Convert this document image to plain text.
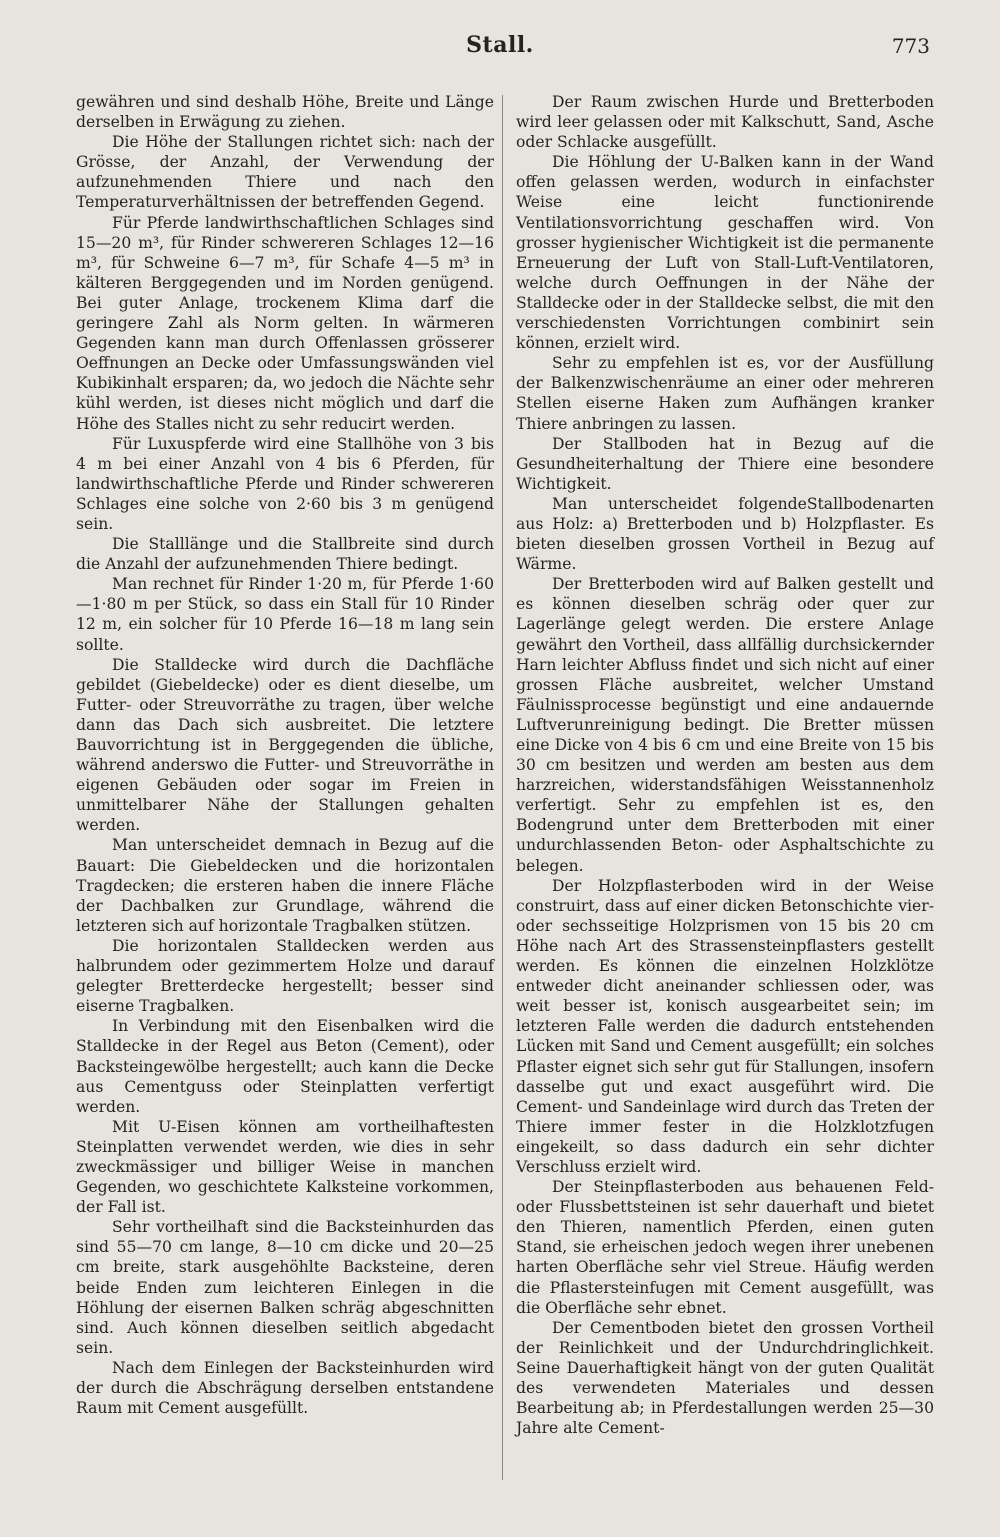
Stall.	773

gewähren und sind deshalb Höhe, Breite und Länge derselben in Erwägung zu ziehen.

Die Höhe der Stallungen richtet sich: nach der Grösse, der Anzahl, der Verwendung der aufzunehmenden Thiere und nach den Temperaturverhältnissen der betreffenden Gegend.

Für Pferde landwirthschaftlichen Schlages sind 15—20 m³, für Rinder schwereren Schlages 12—16 m³, für Schweine 6—7 m³, für Schafe 4—5 m³ in kälteren Berggegenden und im Norden genügend. Bei guter Anlage, trockenem Klima darf die geringere Zahl als Norm gelten. In wärmeren Gegenden kann man durch Offenlassen grösserer Oeffnungen an Decke oder Umfassungswänden viel Kubikinhalt ersparen; da, wo jedoch die Nächte sehr kühl werden, ist dieses nicht möglich und darf die Höhe des Stalles nicht zu sehr reducirt werden.

Für Luxuspferde wird eine Stallhöhe von 3 bis 4 m bei einer Anzahl von 4 bis 6 Pferden, für landwirthschaftliche Pferde und Rinder schwereren Schlages eine solche von 2·60 bis 3 m genügend sein.

Die Stalllänge und die Stallbreite sind durch die Anzahl der aufzunehmenden Thiere bedingt.

Man rechnet für Rinder 1·20 m, für Pferde 1·60—1·80 m per Stück, so dass ein Stall für 10 Rinder 12 m, ein solcher für 10 Pferde 16—18 m lang sein sollte.

Die Stalldecke wird durch die Dachfläche gebildet (Giebeldecke) oder es dient dieselbe, um Futter- oder Streuvorräthe zu tragen, über welche dann das Dach sich ausbreitet. Die letztere Bauvorrichtung ist in Berggegenden die übliche, während anderswo die Futter- und Streuvorräthe in eigenen Gebäuden oder sogar im Freien in unmittelbarer Nähe der Stallungen gehalten werden.

Man unterscheidet demnach in Bezug auf die Bauart: Die Giebeldecken und die horizontalen Tragdecken; die ersteren haben die innere Fläche der Dachbalken zur Grundlage, während die letzteren sich auf horizontale Tragbalken stützen.

Die horizontalen Stalldecken werden aus halbrundem oder gezimmertem Holze und darauf gelegter Bretterdecke hergestellt; besser sind eiserne Tragbalken.

In Verbindung mit den Eisenbalken wird die Stalldecke in der Regel aus Beton (Cement), oder Backsteingewölbe hergestellt; auch kann die Decke aus Cementguss oder Steinplatten verfertigt werden.

Mit U-Eisen können am vortheilhaftesten Steinplatten verwendet werden, wie dies in sehr zweckmässiger und billiger Weise in manchen Gegenden, wo geschichtete Kalksteine vorkommen, der Fall ist.

Sehr vortheilhaft sind die Backsteinhurden das sind 55—70 cm lange, 8—10 cm dicke und 20—25 cm breite, stark ausgehöhlte Backsteine, deren beide Enden zum leichteren Einlegen in die Höhlung der eisernen Balken schräg abgeschnitten sind. Auch können dieselben seitlich abgedacht sein.

Nach dem Einlegen der Backsteinhurden wird der durch die Abschrägung derselben entstandene Raum mit Cement ausgefüllt.

Der Raum zwischen Hurde und Bretterboden wird leer gelassen oder mit Kalkschutt, Sand, Asche oder Schlacke ausgefüllt.

Die Höhlung der U-Balken kann in der Wand offen gelassen werden, wodurch in einfachster Weise eine leicht functionirende Ventilationsvorrichtung geschaffen wird. Von grosser hygienischer Wichtigkeit ist die permanente Erneuerung der Luft von Stall-Luft-Ventilatoren, welche durch Oeffnungen in der Nähe der Stalldecke oder in der Stalldecke selbst, die mit den verschiedensten Vorrichtungen combinirt sein können, erzielt wird.

Sehr zu empfehlen ist es, vor der Ausfüllung der Balkenzwischenräume an einer oder mehreren Stellen eiserne Haken zum Aufhängen kranker Thiere anbringen zu lassen.

Der Stallboden hat in Bezug auf die Gesundheiterhaltung der Thiere eine besondere Wichtigkeit.

Man unterscheidet folgendeStallbodenarten aus Holz: a) Bretterboden und b) Holzpflaster. Es bieten dieselben grossen Vortheil in Bezug auf Wärme.

Der Bretterboden wird auf Balken gestellt und es können dieselben schräg oder quer zur Lagerlänge gelegt werden. Die erstere Anlage gewährt den Vortheil, dass allfällig durchsickernder Harn leichter Abfluss findet und sich nicht auf einer grossen Fläche ausbreitet, welcher Umstand Fäulnissprocesse begünstigt und eine andauernde Luftverunreinigung bedingt. Die Bretter müssen eine Dicke von 4 bis 6 cm und eine Breite von 15 bis 30 cm besitzen und werden am besten aus dem harzreichen, widerstandsfähigen Weisstannenholz verfertigt. Sehr zu empfehlen ist es, den Bodengrund unter dem Bretterboden mit einer undurchlassenden Beton- oder Asphaltschichte zu belegen.

Der Holzpflasterboden wird in der Weise construirt, dass auf einer dicken Betonschichte vier- oder sechsseitige Holzprismen von 15 bis 20 cm Höhe nach Art des Strassensteinpflasters gestellt werden. Es können die einzelnen Holzklötze entweder dicht aneinander schliessen oder, was weit besser ist, konisch ausgearbeitet sein; im letzteren Falle werden die dadurch entstehenden Lücken mit Sand und Cement ausgefüllt; ein solches Pflaster eignet sich sehr gut für Stallungen, insofern dasselbe gut und exact ausgeführt wird. Die Cement- und Sandeinlage wird durch das Treten der Thiere immer fester in die Holzklotzfugen eingekeilt, so dass dadurch ein sehr dichter Verschluss erzielt wird.

Der Steinpflasterboden aus behauenen Feld- oder Flussbettsteinen ist sehr dauerhaft und bietet den Thieren, namentlich Pferden, einen guten Stand, sie erheischen jedoch wegen ihrer unebenen harten Oberfläche sehr viel Streue. Häufig werden die Pflastersteinfugen mit Cement ausgefüllt, was die Oberfläche sehr ebnet.

Der Cementboden bietet den grossen Vortheil der Reinlichkeit und der Undurchdringlichkeit. Seine Dauerhaftigkeit hängt von der guten Qualität des verwendeten Materiales und dessen Bearbeitung ab; in Pferdestallungen werden 25—30 Jahre alte Cement-
